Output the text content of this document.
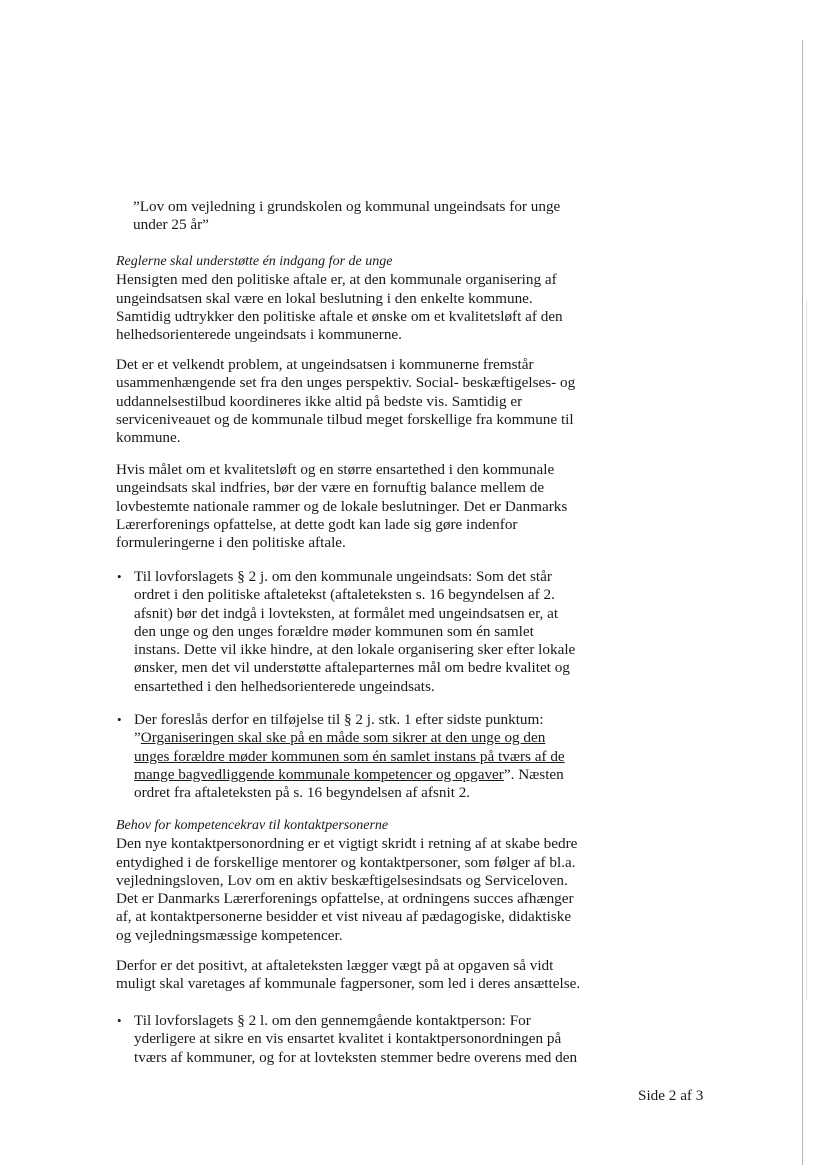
”Lov om vejledning i grundskolen og kommunal ungeindsats for unge under 25 år”
Reglerne skal understøtte én indgang for de unge
Hensigten med den politiske aftale er, at den kommunale organisering af ungeindsatsen skal være en lokal beslutning i den enkelte kommune. Samtidig udtrykker den politiske aftale et ønske om et kvalitetsløft af den helhedsorienterede ungeindsats i kommunerne.
Det er et velkendt problem, at ungeindsatsen i kommunerne fremstår usammenhængende set fra den unges perspektiv. Social- beskæftigelses- og uddannelsestilbud koordineres ikke altid på bedste vis. Samtidig er serviceniveauet og de kommunale tilbud meget forskellige fra kommune til kommune.
Hvis målet om et kvalitetsløft og en større ensartethed i den kommunale ungeindsats skal indfries, bør der være en fornuftig balance mellem de lovbestemte nationale rammer og de lokale beslutninger. Det er Danmarks Lærerforenings opfattelse, at dette godt kan lade sig gøre indenfor formuleringerne i den politiske aftale.
• Til lovforslagets § 2 j. om den kommunale ungeindsats: Som det står ordret i den politiske aftaletekst (aftaleteksten s. 16 begyndelsen af 2. afsnit) bør det indgå i lovteksten, at formålet med ungeindsatsen er, at den unge og den unges forældre møder kommunen som én samlet instans. Dette vil ikke hindre, at den lokale organisering sker efter lokale ønsker, men det vil understøtte aftaleparternes mål om bedre kvalitet og ensartethed i den helhedsorienterede ungeindsats.
• Der foreslås derfor en tilføjelse til § 2 j. stk. 1 efter sidste punktum:
”Organiseringen skal ske på en måde som sikrer at den unge og den unges forældre møder kommunen som én samlet instans på tværs af de mange bagvedliggende kommunale kompetencer og opgaver”. Næsten ordret fra aftaleteksten på s. 16 begyndelsen af afsnit 2.
Behov for kompetencekrav til kontaktpersonerne
Den nye kontaktpersonordning er et vigtigt skridt i retning af at skabe bedre entydighed i de forskellige mentorer og kontaktpersoner, som følger af bl.a. vejledningsloven, Lov om en aktiv beskæftigelsesindsats og Serviceloven. Det er Danmarks Lærerforenings opfattelse, at ordningens succes afhænger af, at kontaktpersonerne besidder et vist niveau af pædagogiske, didaktiske og vejledningsmæssige kompetencer.
Derfor er det positivt, at aftaleteksten lægger vægt på at opgaven så vidt muligt skal varetages af kommunale fagpersoner, som led i deres ansættelse.
• Til lovforslagets § 2 l. om den gennemgående kontaktperson: For yderligere at sikre en vis ensartet kvalitet i kontaktpersonordningen på tværs af kommuner, og for at lovteksten stemmer bedre overens med den
Side 2 af 3
